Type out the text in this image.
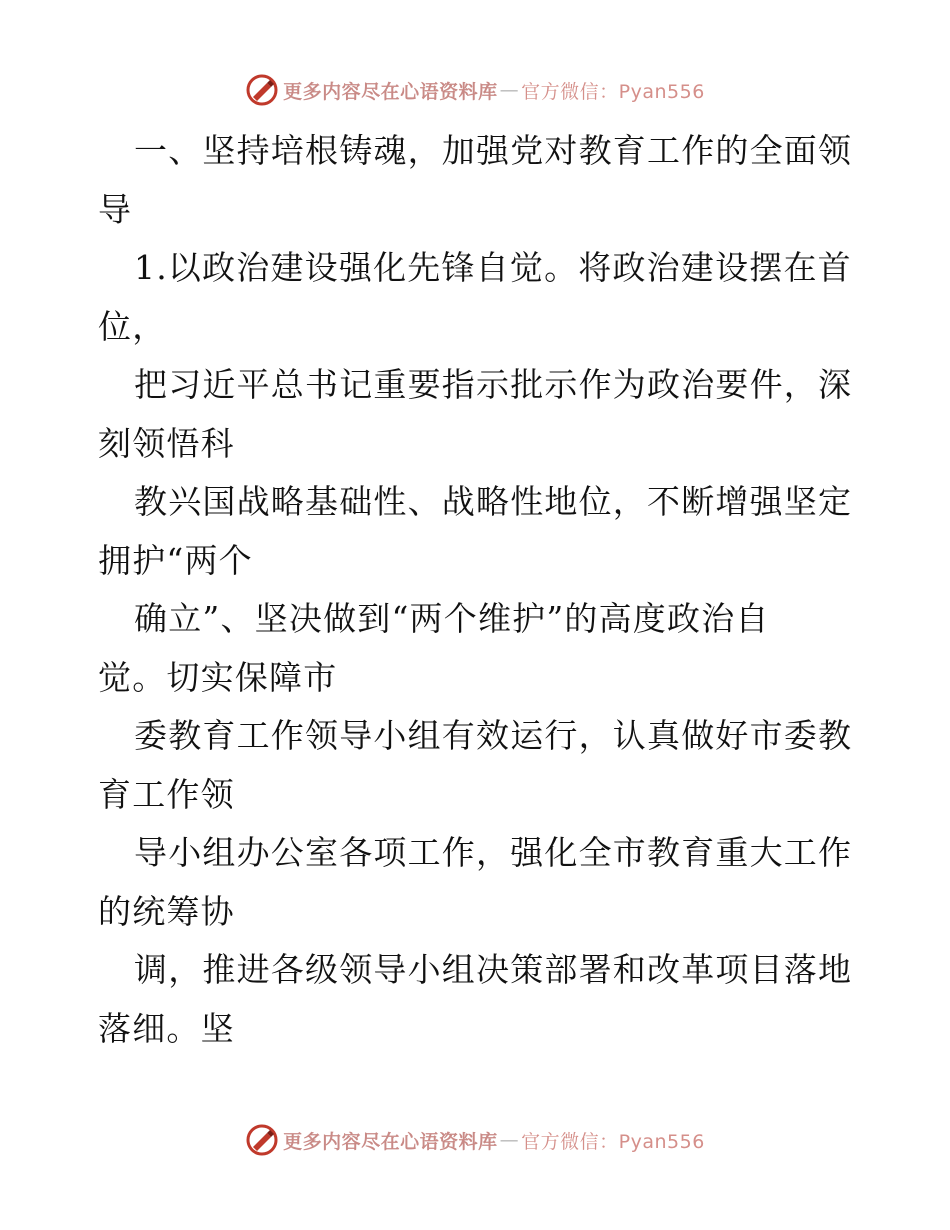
更多内容尽在心语资料库 — 官方微信：Pyan556
一、坚持培根铸魂，加强党对教育工作的全面领
导
1.以政治建设强化先锋自觉。将政治建设摆在首
位，
把习近平总书记重要指示批示作为政治要件，深
刻领悟科
教兴国战略基础性、战略性地位，不断增强坚定
拥护“两个
确立”、坚决做到“两个维护”的高度政治自
觉。切实保障市
委教育工作领导小组有效运行，认真做好市委教
育工作领
导小组办公室各项工作，强化全市教育重大工作
的统筹协
调，推进各级领导小组决策部署和改革项目落地
落细。坚
更多内容尽在心语资料库 — 官方微信：Pyan556
